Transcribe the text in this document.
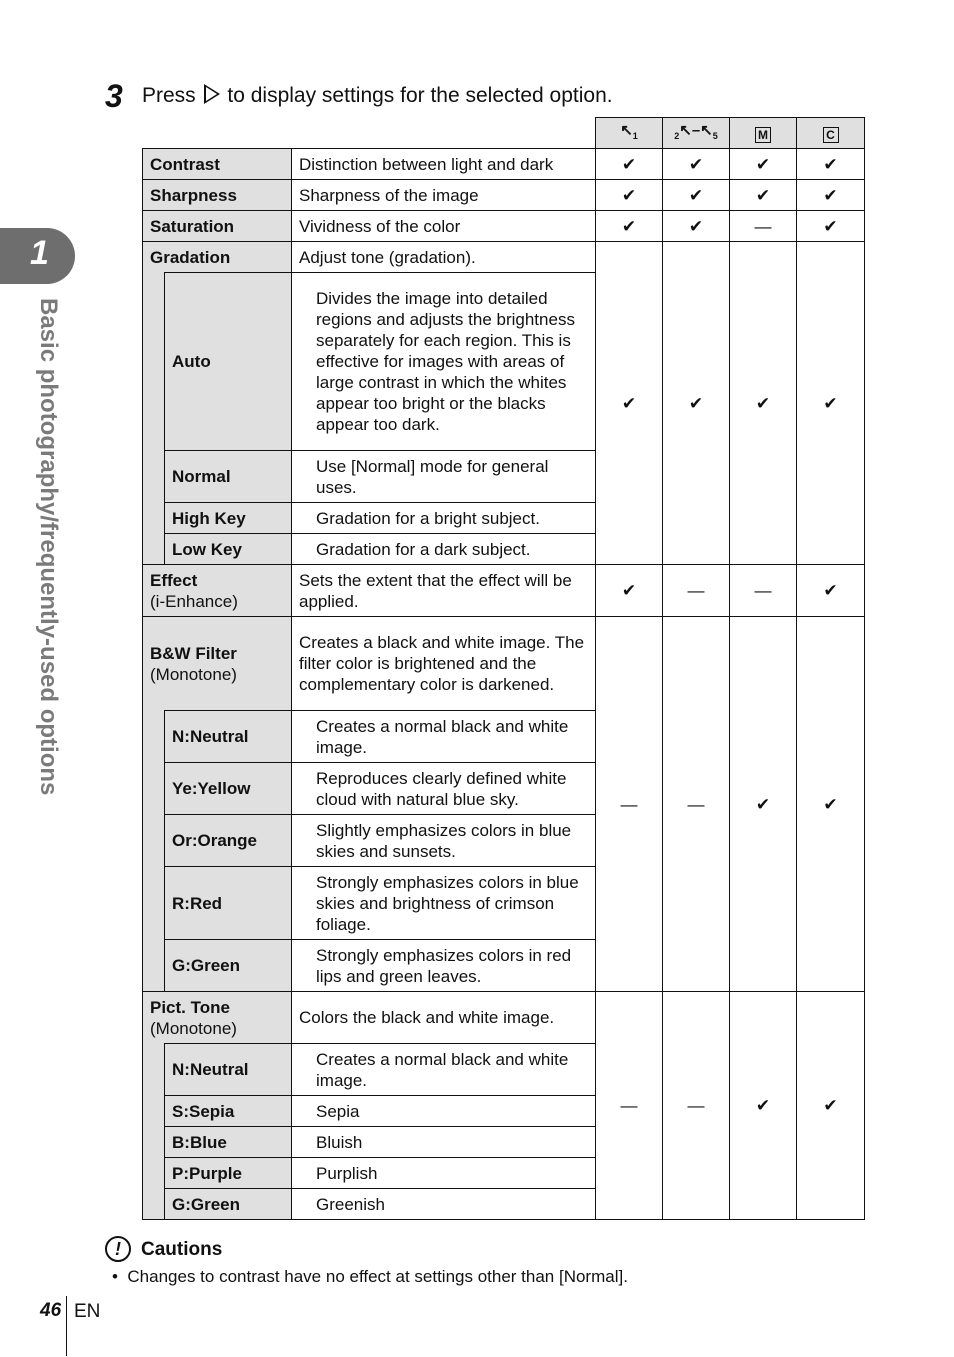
1
Basic photography/frequently-used options
3 Press to display settings for the selected option.
			$↖_1$	$_2↖-↖_5$	M	C
Contrast		Distinction between light and dark	✔	✔	✔	✔
Sharpness		Sharpness of the image	✔	✔	✔	✔
Saturation		Vividness of the color	✔	✔	—	✔
Gradation		Adjust tone (gradation).	✔	✔	✔	✔
	Auto	Divides the image into detailed regions and adjusts the brightness separately for each region. This is effective for images with areas of large contrast in which the whites appear too bright or the blacks appear too dark.				
	Normal	Use [Normal] mode for general uses.				
	High Key	Gradation for a bright subject.				
	Low Key	Gradation for a dark subject.				
Effect
(i-Enhance)		Sets the extent that the effect will be applied.	✔	—	—	✔
B&W Filter
(Monotone)		Creates a black and white image. The filter color is brightened and the complementary color is darkened.	—	—	✔	✔
	N:Neutral	Creates a normal black and white image.				
	Ye:Yellow	Reproduces clearly defined white cloud with natural blue sky.				
	Or:Orange	Slightly emphasizes colors in blue skies and sunsets.				
	R:Red	Strongly emphasizes colors in blue skies and brightness of crimson foliage.				
	G:Green	Strongly emphasizes colors in red lips and green leaves.				
Pict. Tone
(Monotone)		Colors the black and white image.	—	—	✔	✔
	N:Neutral	Creates a normal black and white image.				
	S:Sepia	Sepia				
	B:Blue	Bluish				
	P:Purple	Purplish				
	G:Green	Greenish				
!	Cautions
• Changes to contrast have no effect at settings other than [Normal].
46 EN
